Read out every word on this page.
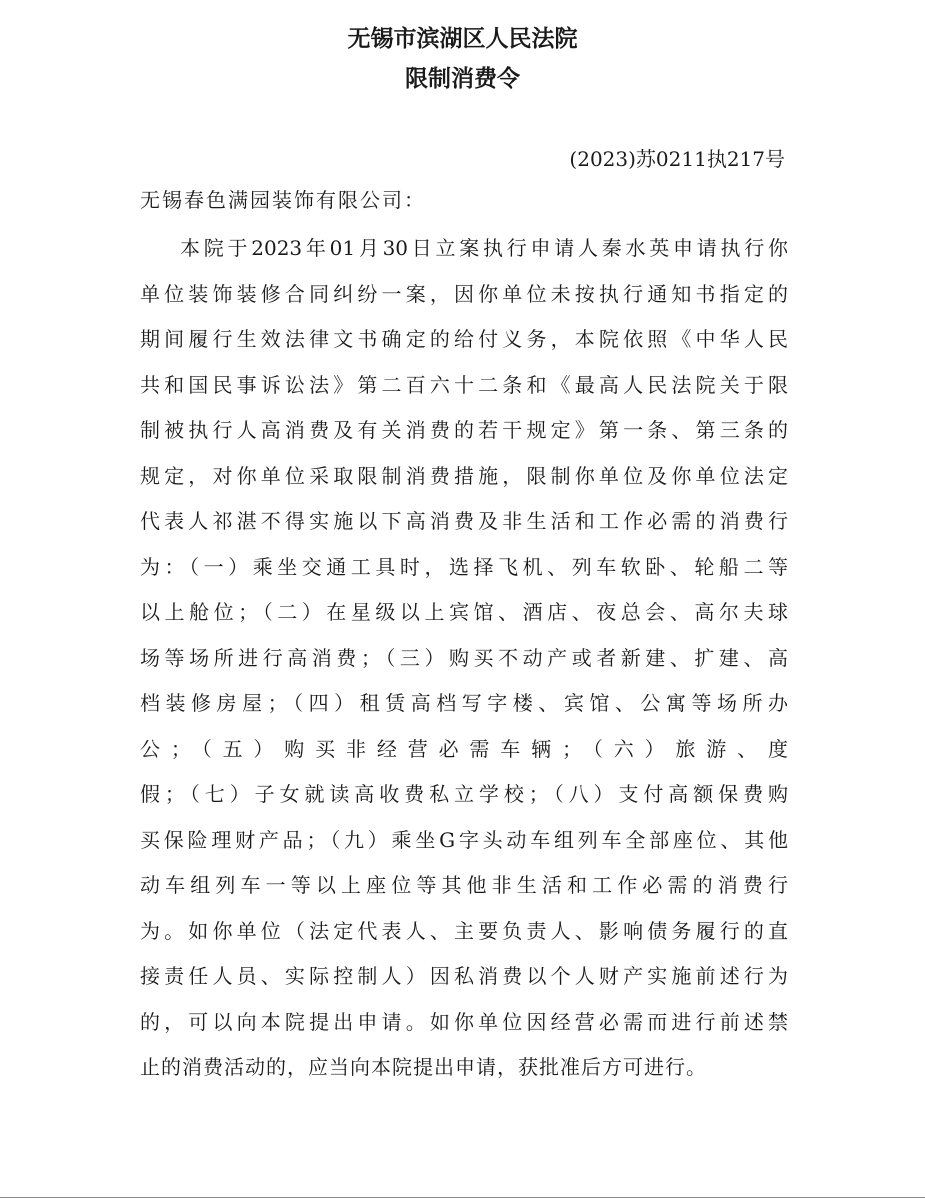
无锡市滨湖区人民法院
限制消费令
(2023)苏0211执217号
无锡春色满园装饰有限公司：
本院于2023年01月30日立案执行申请人秦水英申请执行你
单位装饰装修合同纠纷一案，因你单位未按执行通知书指定的
期间履行生效法律文书确定的给付义务，本院依照《中华人民
共和国民事诉讼法》第二百六十二条和《最高人民法院关于限
制被执行人高消费及有关消费的若干规定》第一条、第三条的
规定，对你单位采取限制消费措施，限制你单位及你单位法定
代表人祁湛不得实施以下高消费及非生活和工作必需的消费行
为：（一）乘坐交通工具时，选择飞机、列车软卧、轮船二等
以上舱位；（二）在星级以上宾馆、酒店、夜总会、高尔夫球
场等场所进行高消费；（三）购买不动产或者新建、扩建、高
档装修房屋；（四）租赁高档写字楼、宾馆、公寓等场所办
公；（五）购买非经营必需车辆；（六）旅游、度
假；（七）子女就读高收费私立学校；（八）支付高额保费购
买保险理财产品；（九）乘坐G字头动车组列车全部座位、其他
动车组列车一等以上座位等其他非生活和工作必需的消费行
为。如你单位（法定代表人、主要负责人、影响债务履行的直
接责任人员、实际控制人）因私消费以个人财产实施前述行为
的，可以向本院提出申请。如你单位因经营必需而进行前述禁
止的消费活动的，应当向本院提出申请，获批准后方可进行。
